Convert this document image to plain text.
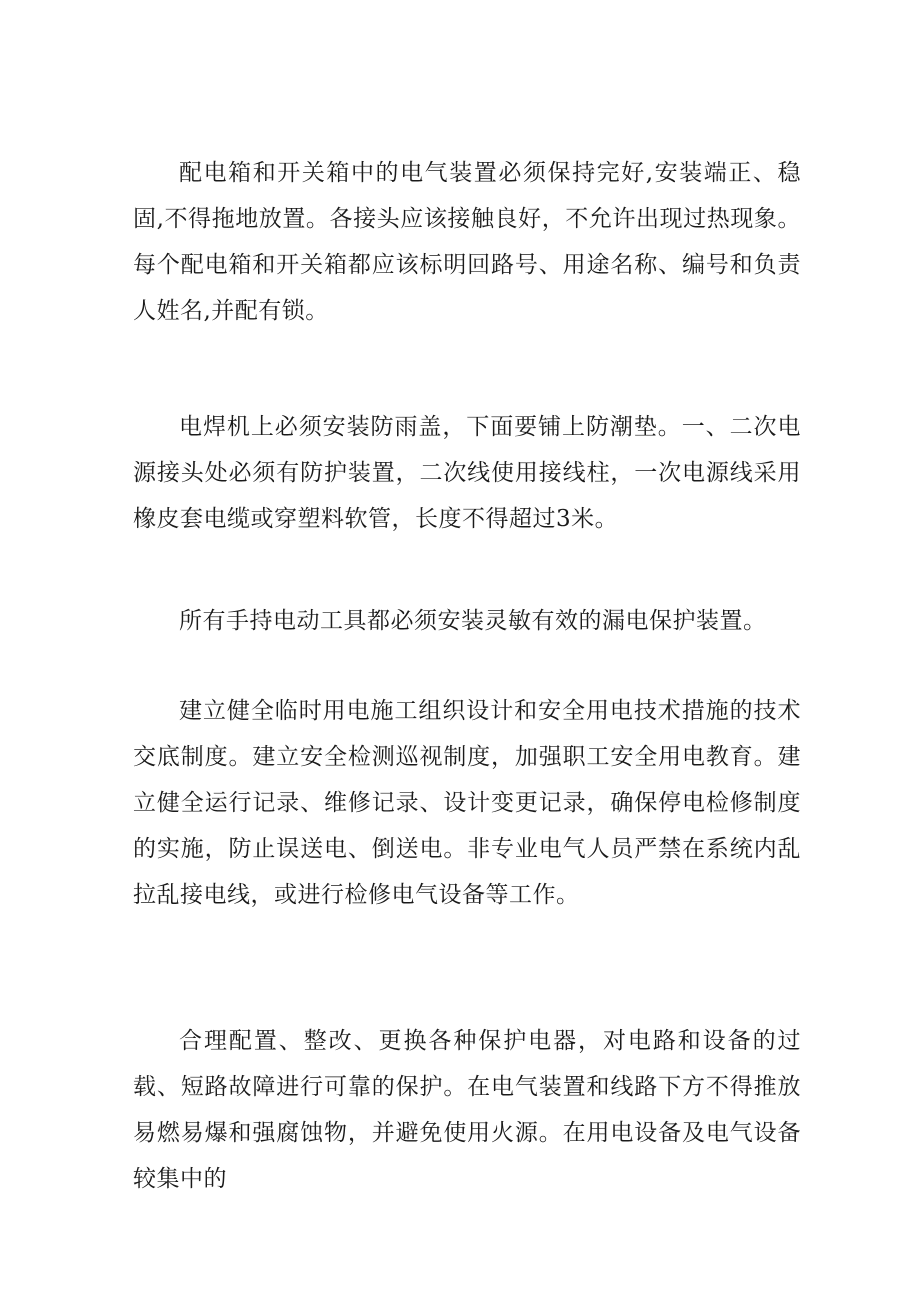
配电箱和开关箱中的电气装置必须保持完好,安装端正、稳固,不得拖地放置。各接头应该接触良好，不允许出现过热现象。每个配电箱和开关箱都应该标明回路号、用途名称、编号和负责人姓名,并配有锁。

电焊机上必须安装防雨盖，下面要铺上防潮垫。一、二次电源接头处必须有防护装置，二次线使用接线柱，一次电源线采用橡皮套电缆或穿塑料软管，长度不得超过3米。

所有手持电动工具都必须安装灵敏有效的漏电保护装置。

建立健全临时用电施工组织设计和安全用电技术措施的技术交底制度。建立安全检测巡视制度，加强职工安全用电教育。建立健全运行记录、维修记录、设计变更记录，确保停电检修制度的实施，防止误送电、倒送电。非专业电气人员严禁在系统内乱拉乱接电线，或进行检修电气设备等工作。

合理配置、整改、更换各种保护电器，对电路和设备的过载、短路故障进行可靠的保护。在电气装置和线路下方不得推放易燃易爆和强腐蚀物，并避免使用火源。在用电设备及电气设备较集中的
